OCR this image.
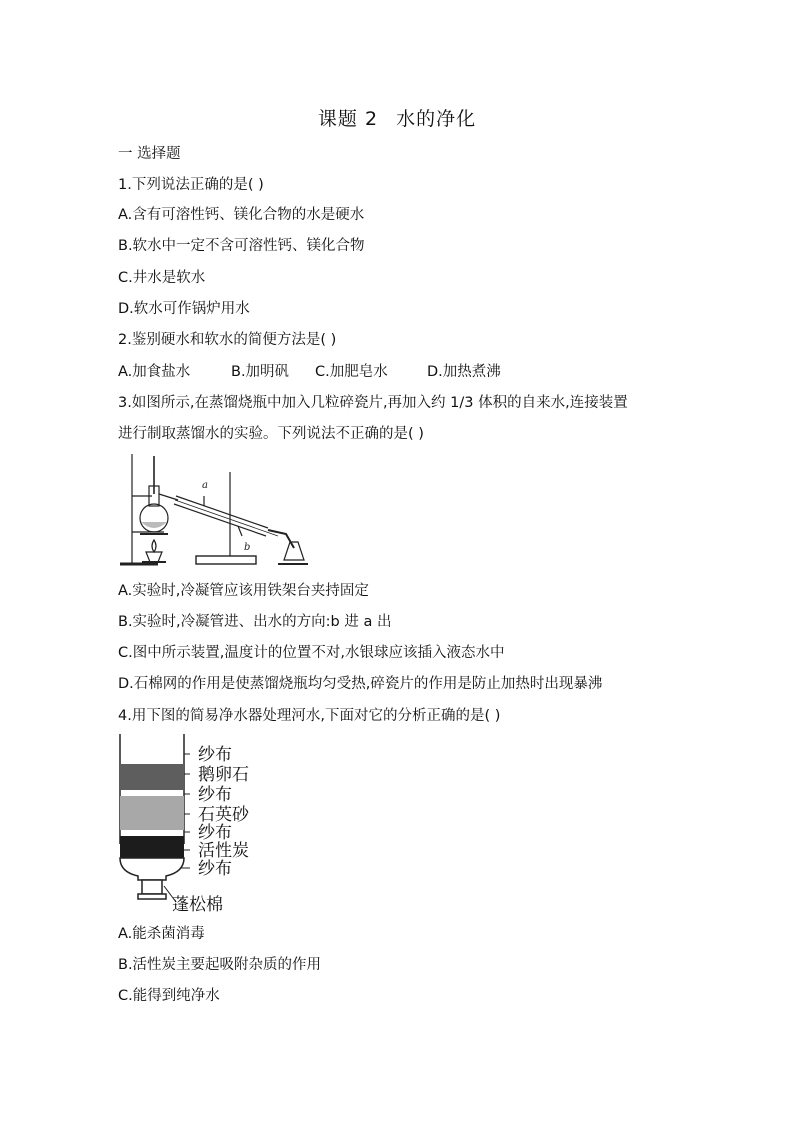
课题 2 水的净化
一 选择题
1.下列说法正确的是( )
A.含有可溶性钙、镁化合物的水是硬水
B.软水中一定不含可溶性钙、镁化合物
C.井水是软水
D.软水可作锅炉用水
2.鉴别硬水和软水的简便方法是( )
A.加食盐水	B.加明矾 C.加肥皂水	D.加热煮沸
3.如图所示,在蒸馏烧瓶中加入几粒碎瓷片,再加入约 1/3 体积的自来水,连接装置
进行制取蒸馏水的实验。下列说法不正确的是( )
a
b
A.实验时,冷凝管应该用铁架台夹持固定
B.实验时,冷凝管进、出水的方向:b 进 a 出
C.图中所示装置,温度计的位置不对,水银球应该插入液态水中
D.石棉网的作用是使蒸馏烧瓶均匀受热,碎瓷片的作用是防止加热时出现暴沸
4.用下图的简易净水器处理河水,下面对它的分析正确的是( )
纱布
鹅卵石
纱布
石英砂
纱布
活性炭
纱布
蓬松棉
A.能杀菌消毒
B.活性炭主要起吸附杂质的作用
C.能得到纯净水
